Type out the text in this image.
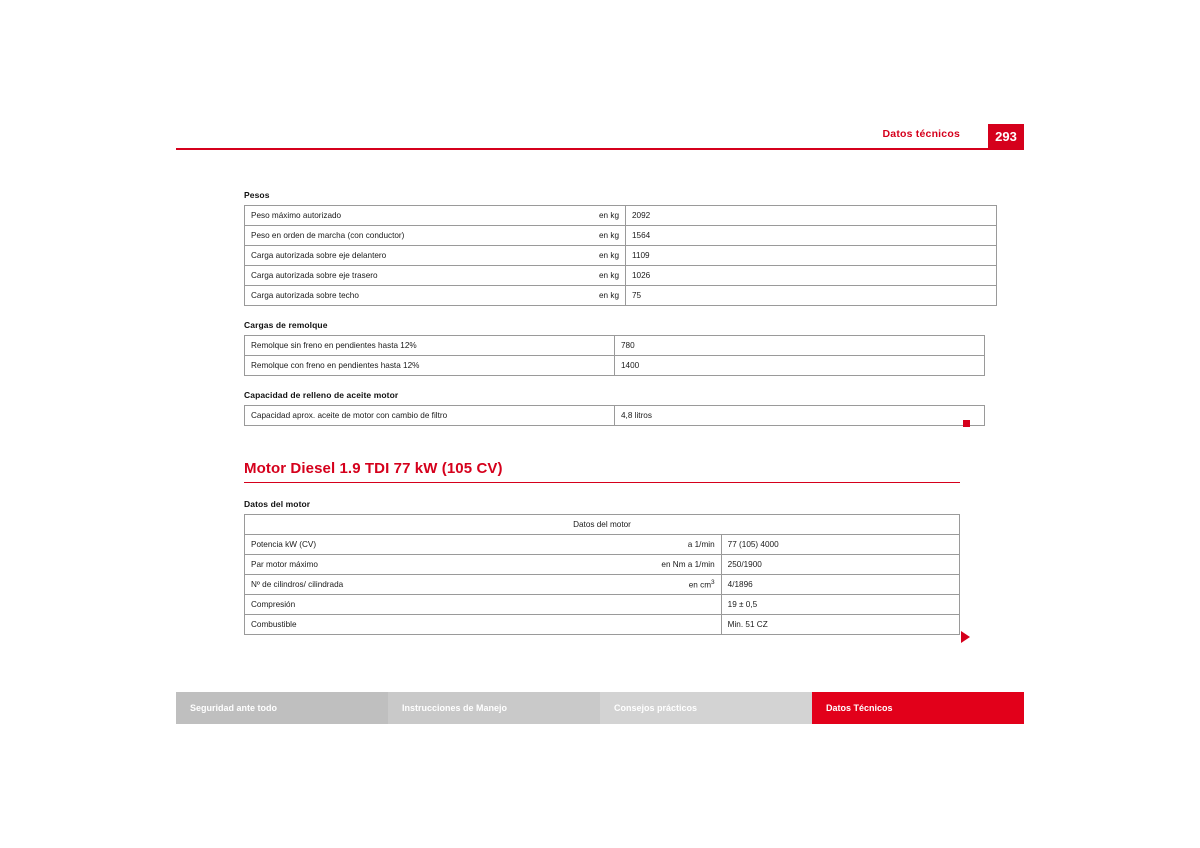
Datos técnicos	293
Pesos
Peso máximo autorizado	en kg	2092
Peso en orden de marcha (con conductor)	en kg	1564
Carga autorizada sobre eje delantero	en kg	1109
Carga autorizada sobre eje trasero	en kg	1026
Carga autorizada sobre techo	en kg	75
Cargas de remolque
Remolque sin freno en pendientes hasta 12%	780
Remolque con freno en pendientes hasta 12%	1400
Capacidad de relleno de aceite motor
Capacidad aprox. aceite de motor con cambio de filtro	4,8 litros
Motor Diesel 1.9 TDI 77 kW (105 CV)
Datos del motor
Datos del motor		
Potencia kW (CV)	a 1/min	77 (105) 4000
Par motor máximo	en Nm a 1/min	250/1900
Nº de cilindros/ cilindrada	en $cm^3$	4/1896
Compresión		19 ± 0,5
Combustible		Min. 51 CZ
Seguridad ante todo	Instrucciones de Manejo	Consejos prácticos	Datos Técnicos
